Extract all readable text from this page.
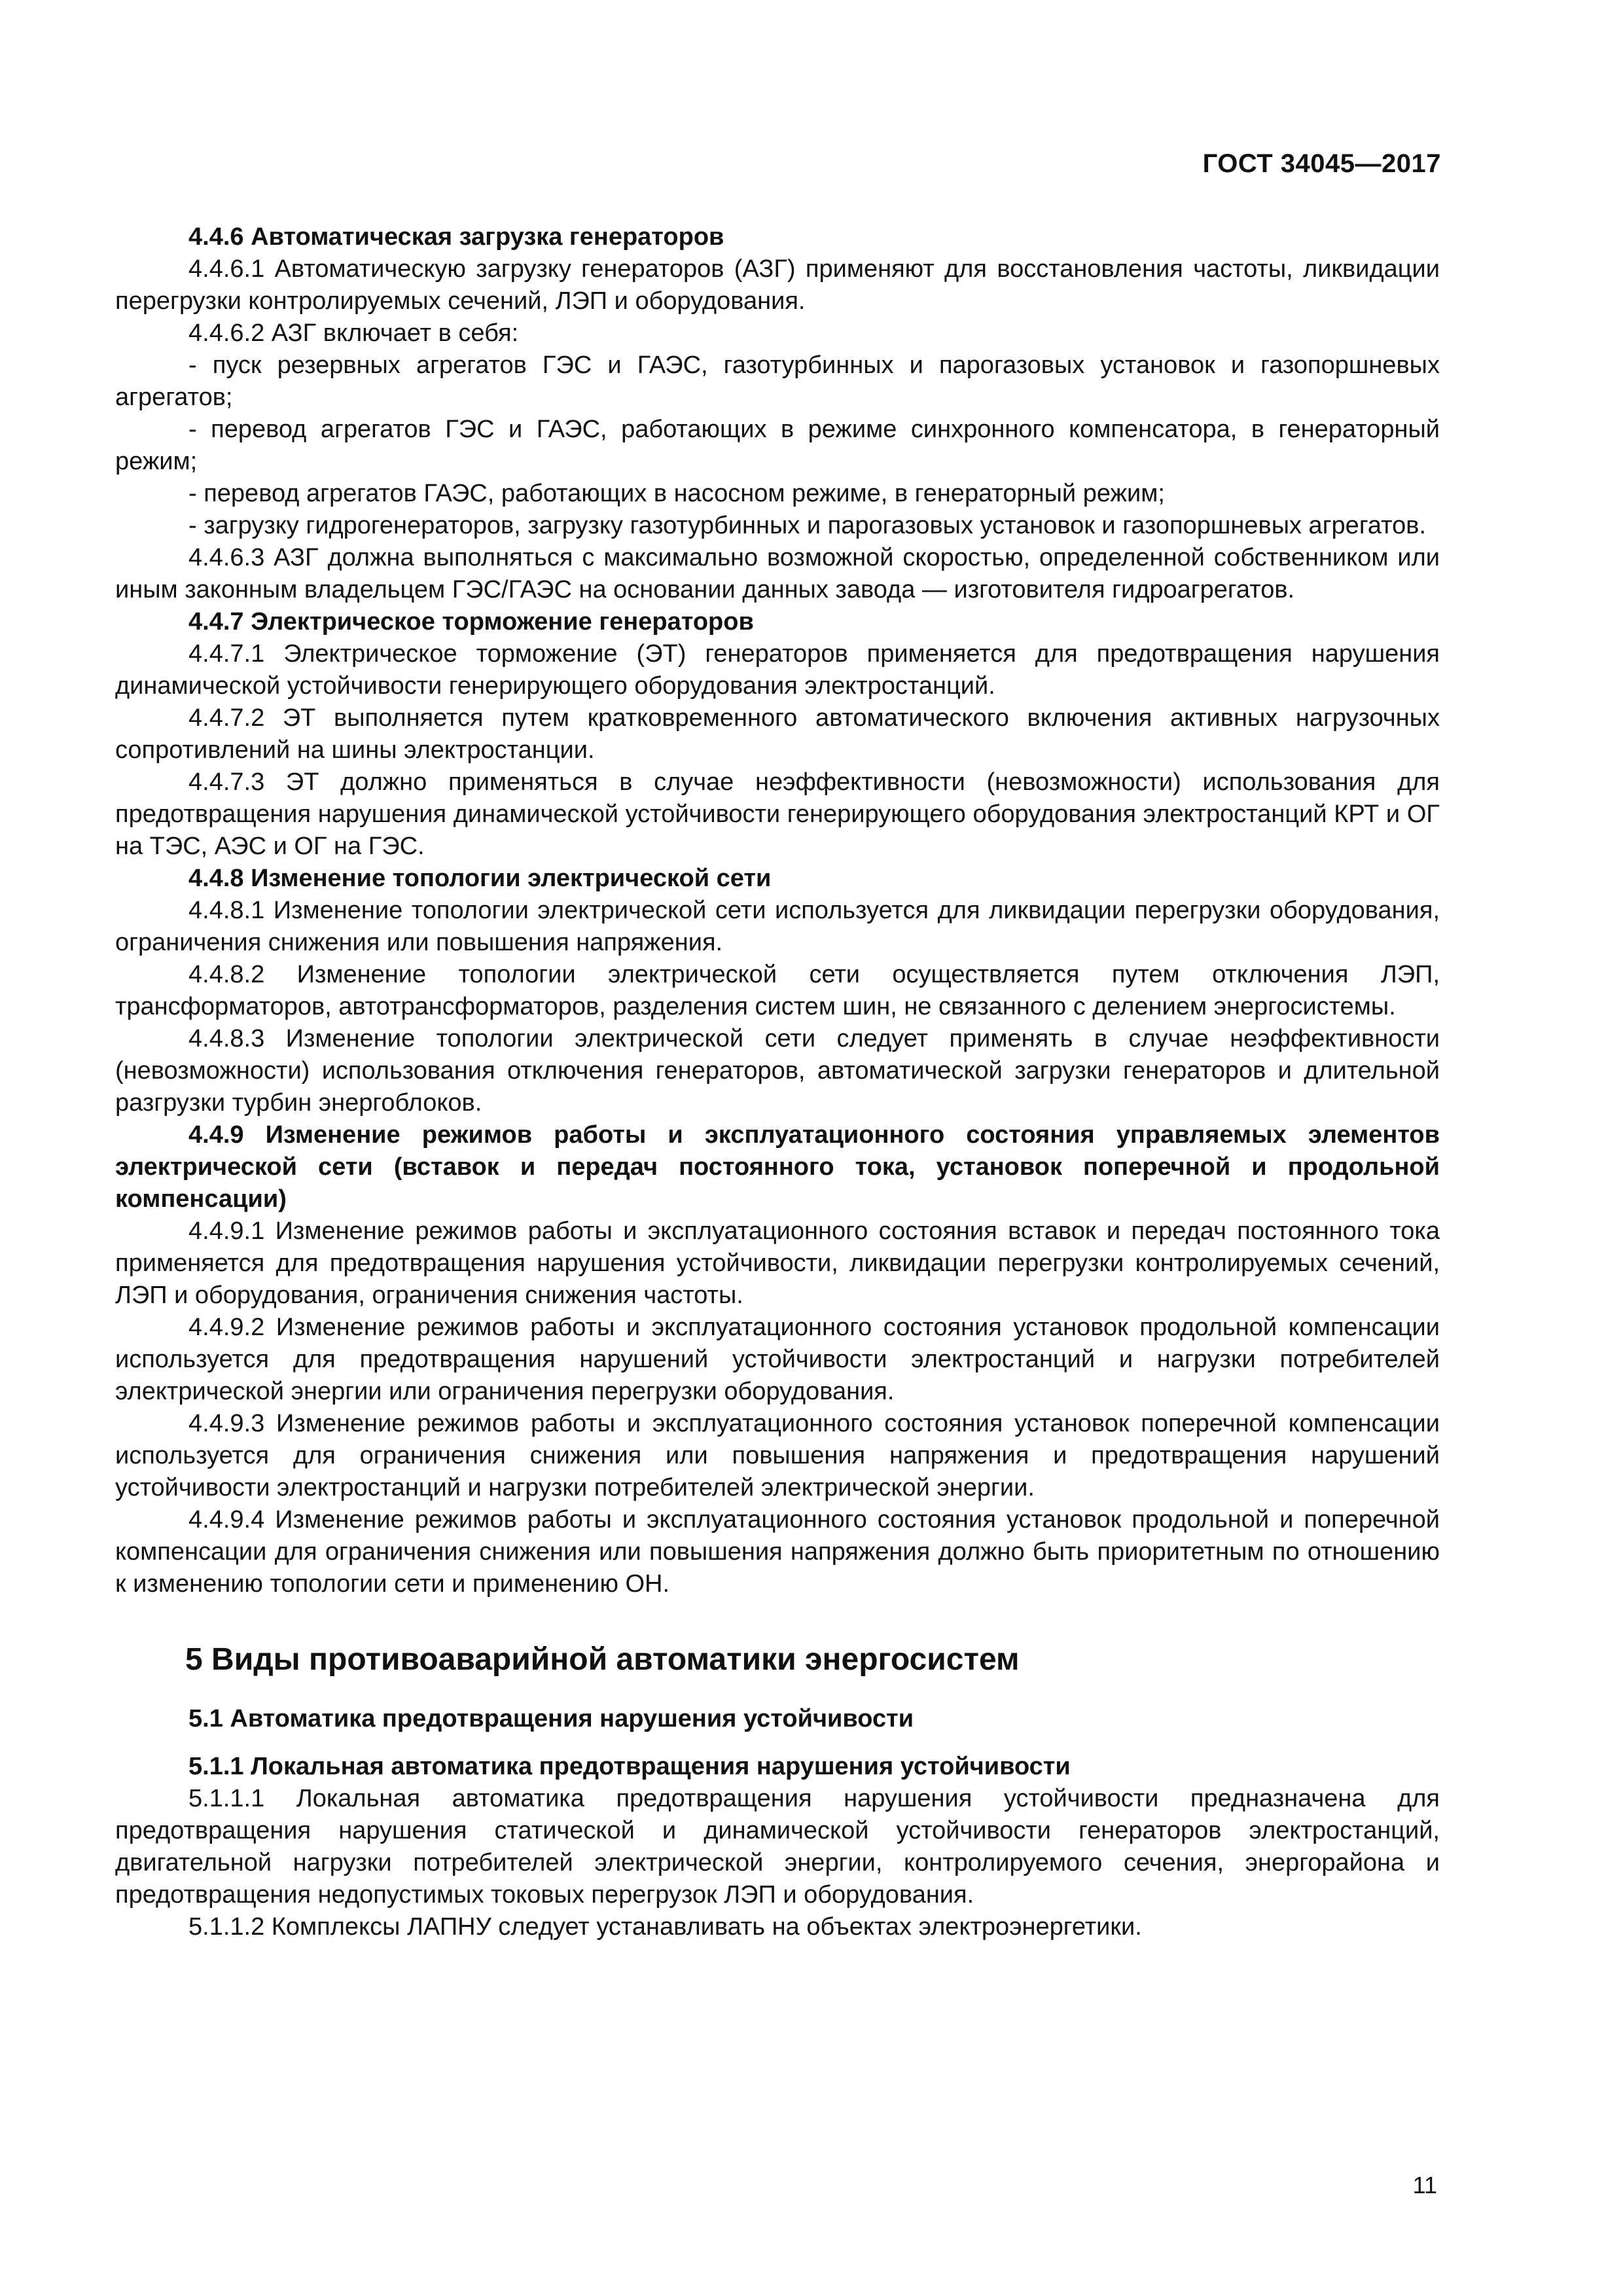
ГОСТ 34045—2017

4.4.6 Автоматическая загрузка генераторов

4.4.6.1 Автоматическую загрузку генераторов (АЗГ) применяют для восстановления частоты, ликвидации перегрузки контролируемых сечений, ЛЭП и оборудования.

4.4.6.2 АЗГ включает в себя:

- пуск резервных агрегатов ГЭС и ГАЭС, газотурбинных и парогазовых установок и газопоршневых агрегатов;

- перевод агрегатов ГЭС и ГАЭС, работающих в режиме синхронного компенсатора, в генераторный режим;

- перевод агрегатов ГАЭС, работающих в насосном режиме, в генераторный режим;

- загрузку гидрогенераторов, загрузку газотурбинных и парогазовых установок и газопоршневых агрегатов.

4.4.6.3 АЗГ должна выполняться с максимально возможной скоростью, определенной собственником или иным законным владельцем ГЭС/ГАЭС на основании данных завода — изготовителя гидроагрегатов.

4.4.7 Электрическое торможение генераторов

4.4.7.1 Электрическое торможение (ЭТ) генераторов применяется для предотвращения нарушения динамической устойчивости генерирующего оборудования электростанций.

4.4.7.2 ЭТ выполняется путем кратковременного автоматического включения активных нагрузочных сопротивлений на шины электростанции.

4.4.7.3 ЭТ должно применяться в случае неэффективности (невозможности) использования для предотвращения нарушения динамической устойчивости генерирующего оборудования электростанций КРТ и ОГ на ТЭС, АЭС и ОГ на ГЭС.

4.4.8 Изменение топологии электрической сети

4.4.8.1 Изменение топологии электрической сети используется для ликвидации перегрузки оборудования, ограничения снижения или повышения напряжения.

4.4.8.2 Изменение топологии электрической сети осуществляется путем отключения ЛЭП, трансформаторов, автотрансформаторов, разделения систем шин, не связанного с делением энергосистемы.

4.4.8.3 Изменение топологии электрической сети следует применять в случае неэффективности (невозможности) использования отключения генераторов, автоматической загрузки генераторов и длительной разгрузки турбин энергоблоков.

4.4.9 Изменение режимов работы и эксплуатационного состояния управляемых элементов электрической сети (вставок и передач постоянного тока, установок поперечной и продольной компенсации)

4.4.9.1 Изменение режимов работы и эксплуатационного состояния вставок и передач постоянного тока применяется для предотвращения нарушения устойчивости, ликвидации перегрузки контролируемых сечений, ЛЭП и оборудования, ограничения снижения частоты.

4.4.9.2 Изменение режимов работы и эксплуатационного состояния установок продольной компенсации используется для предотвращения нарушений устойчивости электростанций и нагрузки потребителей электрической энергии или ограничения перегрузки оборудования.

4.4.9.3 Изменение режимов работы и эксплуатационного состояния установок поперечной компенсации используется для ограничения снижения или повышения напряжения и предотвращения нарушений устойчивости электростанций и нагрузки потребителей электрической энергии.

4.4.9.4 Изменение режимов работы и эксплуатационного состояния установок продольной и поперечной компенсации для ограничения снижения или повышения напряжения должно быть приоритетным по отношению к изменению топологии сети и применению ОН.

5 Виды противоаварийной автоматики энергосистем
5.1 Автоматика предотвращения нарушения устойчивости
5.1.1 Локальная автоматика предотвращения нарушения устойчивости

5.1.1.1 Локальная автоматика предотвращения нарушения устойчивости предназначена для предотвращения нарушения статической и динамической устойчивости генераторов электростанций, двигательной нагрузки потребителей электрической энергии, контролируемого сечения, энергорайона и предотвращения недопустимых токовых перегрузок ЛЭП и оборудования.

5.1.1.2 Комплексы ЛАПНУ следует устанавливать на объектах электроэнергетики.

11
